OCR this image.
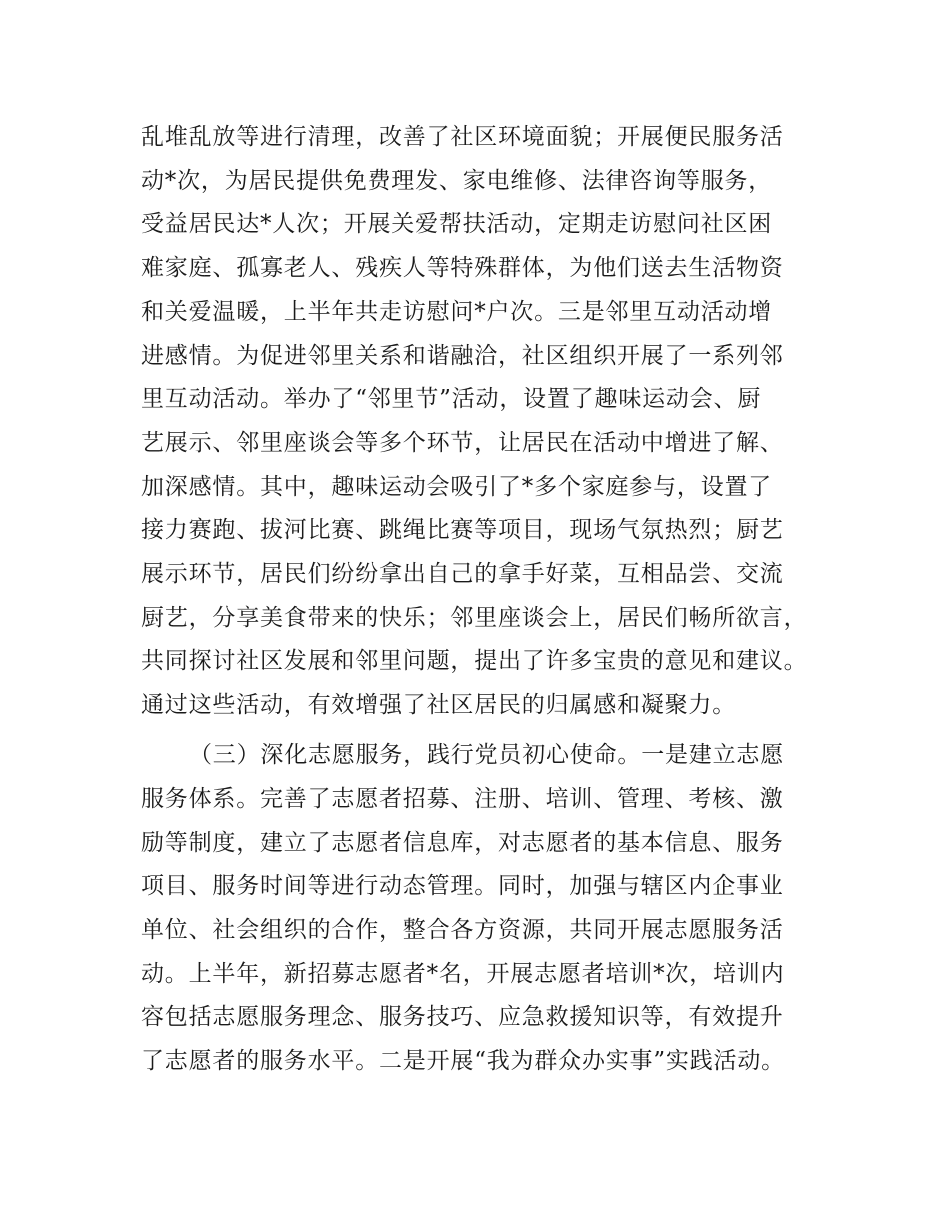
乱堆乱放等进行清理，改善了社区环境面貌；开展便民服务活
动*次，为居民提供免费理发、家电维修、法律咨询等服务，
受益居民达*人次；开展关爱帮扶活动，定期走访慰问社区困
难家庭、孤寡老人、残疾人等特殊群体，为他们送去生活物资
和关爱温暖，上半年共走访慰问*户次。三是邻里互动活动增
进感情。为促进邻里关系和谐融洽，社区组织开展了一系列邻
里互动活动。举办了“邻里节”活动，设置了趣味运动会、厨
艺展示、邻里座谈会等多个环节，让居民在活动中增进了解、
加深感情。其中，趣味运动会吸引了*多个家庭参与，设置了
接力赛跑、拔河比赛、跳绳比赛等项目，现场气氛热烈；厨艺
展示环节，居民们纷纷拿出自己的拿手好菜，互相品尝、交流
厨艺，分享美食带来的快乐；邻里座谈会上，居民们畅所欲言，
共同探讨社区发展和邻里问题，提出了许多宝贵的意见和建议。
通过这些活动，有效增强了社区居民的归属感和凝聚力。
（三）深化志愿服务，践行党员初心使命。一是建立志愿
服务体系。完善了志愿者招募、注册、培训、管理、考核、激
励等制度，建立了志愿者信息库，对志愿者的基本信息、服务
项目、服务时间等进行动态管理。同时，加强与辖区内企事业
单位、社会组织的合作，整合各方资源，共同开展志愿服务活
动。上半年，新招募志愿者*名，开展志愿者培训*次，培训内
容包括志愿服务理念、服务技巧、应急救援知识等，有效提升
了志愿者的服务水平。二是开展“我为群众办实事”实践活动。
